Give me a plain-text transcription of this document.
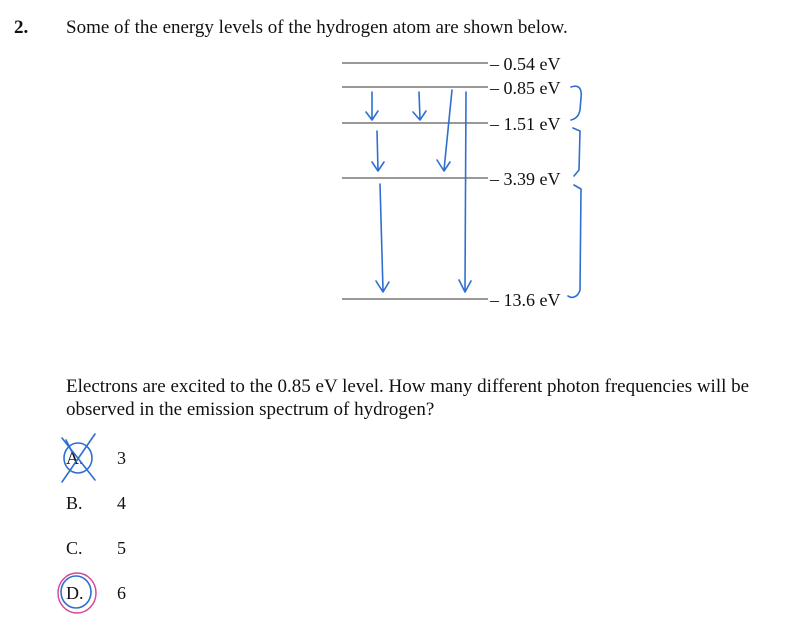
2. Some of the energy levels of the hydrogen atom are shown below.
– 0.54 eV
– 0.85 eV
– 1.51 eV
– 3.39 eV
– 13.6 eV
Electrons are excited to the 0.85 eV level. How many different photon frequencies will be observed in the emission spectrum of hydrogen?
A. 3
B. 4
C. 5
D. 6
